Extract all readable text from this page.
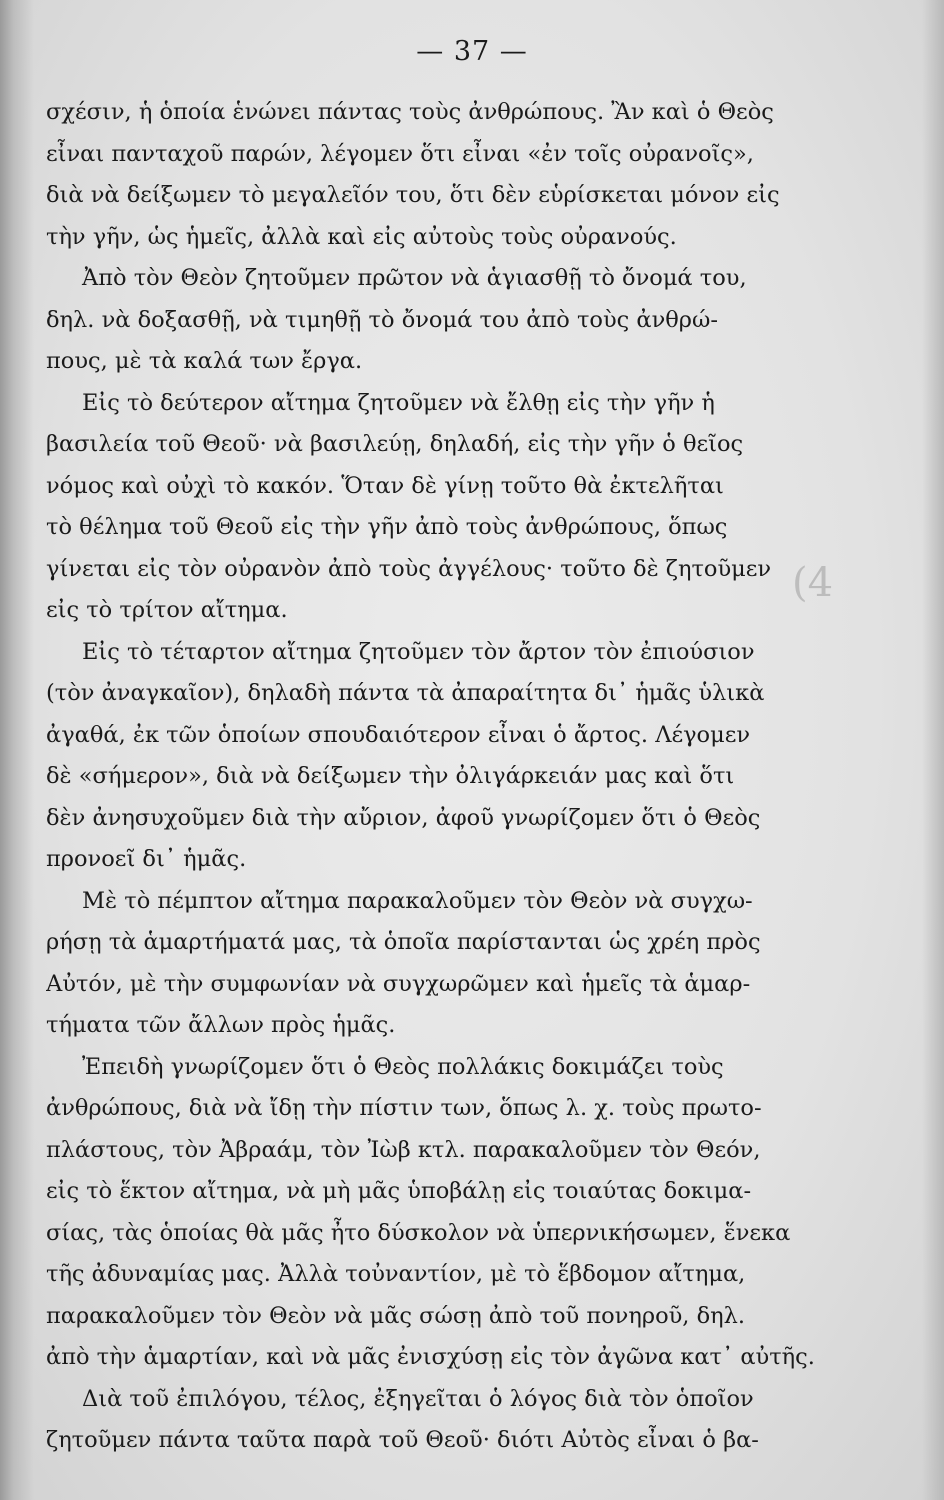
— 37 —
σχέσιν, ἡ ὁποία ἑνώνει πάντας τοὺς ἀνθρώπους. Ἂν καὶ ὁ Θεὸς
εἶναι πανταχοῦ παρών, λέγομεν ὅτι εἶναι «ἐν τοῖς οὐρανοῖς»,
διὰ νὰ δείξωμεν τὸ μεγαλεῖόν του, ὅτι δὲν εὑρίσκεται μόνον εἰς
τὴν γῆν, ὡς ἡμεῖς, ἀλλὰ καὶ εἰς αὐτοὺς τοὺς οὐρανούς.
Ἀπὸ τὸν Θεὸν ζητοῦμεν πρῶτον νὰ ἁγιασθῇ τὸ ὄνομά του,
δηλ. νὰ δοξασθῇ, νὰ τιμηθῇ τὸ ὄνομά του ἀπὸ τοὺς ἀνθρώ-
πους, μὲ τὰ καλά των ἔργα.
Εἰς τὸ δεύτερον αἴτημα ζητοῦμεν νὰ ἔλθῃ εἰς τὴν γῆν ἡ
βασιλεία τοῦ Θεοῦ· νὰ βασιλεύῃ, δηλαδή, εἰς τὴν γῆν ὁ θεῖος
νόμος καὶ οὐχὶ τὸ κακόν. Ὅταν δὲ γίνῃ τοῦτο θὰ ἐκτελῆται
τὸ θέλημα τοῦ Θεοῦ εἰς τὴν γῆν ἀπὸ τοὺς ἀνθρώπους, ὅπως
γίνεται εἰς τὸν οὐρανὸν ἀπὸ τοὺς ἀγγέλους· τοῦτο δὲ ζητοῦμεν
εἰς τὸ τρίτον αἴτημα.
Εἰς τὸ τέταρτον αἴτημα ζητοῦμεν τὸν ἄρτον τὸν ἐπιούσιον
(τὸν ἀναγκαῖον), δηλαδὴ πάντα τὰ ἀπαραίτητα δι᾽ ἡμᾶς ὑλικὰ
ἀγαθά, ἐκ τῶν ὁποίων σπουδαιότερον εἶναι ὁ ἄρτος. Λέγομεν
δὲ «σήμερον», διὰ νὰ δείξωμεν τὴν ὀλιγάρκειάν μας καὶ ὅτι
δὲν ἀνησυχοῦμεν διὰ τὴν αὔριον, ἀφοῦ γνωρίζομεν ὅτι ὁ Θεὸς
προνοεῖ δι᾽ ἡμᾶς.
Μὲ τὸ πέμπτον αἴτημα παρακαλοῦμεν τὸν Θεὸν νὰ συγχω-
ρήσῃ τὰ ἁμαρτήματά μας, τὰ ὁποῖα παρίστανται ὡς χρέη πρὸς
Αὐτόν, μὲ τὴν συμφωνίαν νὰ συγχωρῶμεν καὶ ἡμεῖς τὰ ἁμαρ-
τήματα τῶν ἄλλων πρὸς ἡμᾶς.
Ἐπειδὴ γνωρίζομεν ὅτι ὁ Θεὸς πολλάκις δοκιμάζει τοὺς
ἀνθρώπους, διὰ νὰ ἴδῃ τὴν πίστιν των, ὅπως λ. χ. τοὺς πρωτο-
πλάστους, τὸν Ἀβραάμ, τὸν Ἰὼβ κτλ. παρακαλοῦμεν τὸν Θεόν,
εἰς τὸ ἕκτον αἴτημα, νὰ μὴ μᾶς ὑποβάλῃ εἰς τοιαύτας δοκιμα-
σίας, τὰς ὁποίας θὰ μᾶς ἦτο δύσκολον νὰ ὑπερνικήσωμεν, ἕνεκα
τῆς ἀδυναμίας μας. Ἀλλὰ τοὐναντίον, μὲ τὸ ἕβδομον αἴτημα,
παρακαλοῦμεν τὸν Θεὸν νὰ μᾶς σώσῃ ἀπὸ τοῦ πονηροῦ, δηλ.
ἀπὸ τὴν ἁμαρτίαν, καὶ νὰ μᾶς ἐνισχύσῃ εἰς τὸν ἀγῶνα κατ᾽ αὐτῆς.
Διὰ τοῦ ἐπιλόγου, τέλος, ἐξηγεῖται ὁ λόγος διὰ τὸν ὁποῖον
ζητοῦμεν πάντα ταῦτα παρὰ τοῦ Θεοῦ· διότι Αὐτὸς εἶναι ὁ βα-
(4
